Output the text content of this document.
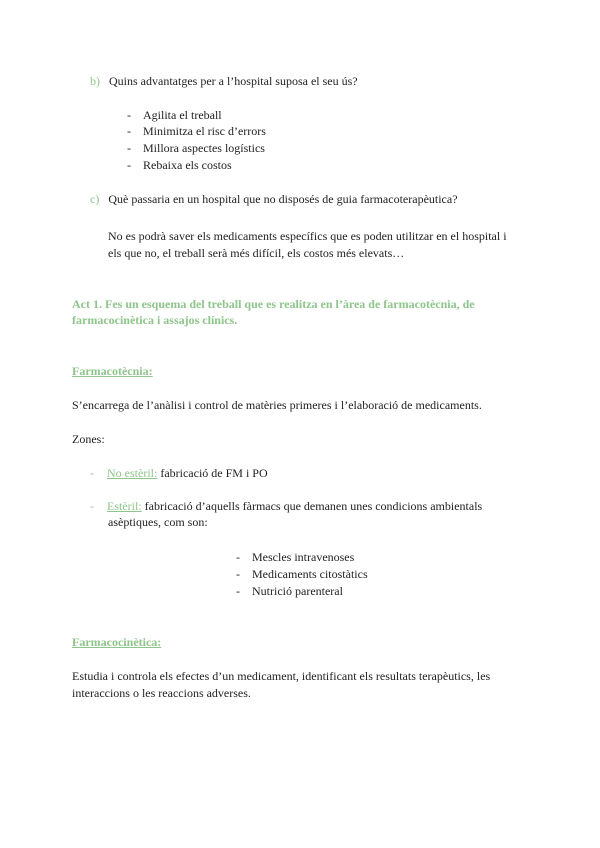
b) Quins advantatges per a l’hospital suposa el seu ús?
- Agilita el treball
- Minimitza el risc d’errors
- Millora aspectes logístics
- Rebaixa els costos
c) Què passaria en un hospital que no disposés de guia farmacoterapèutica?
No es podrà saver els medicaments específics que es poden utilitzar en el hospital i
els que no, el treball serà més difícil, els costos més elevats…
Act 1. Fes un esquema del treball que es realitza en l’àrea de farmacotècnia, de
farmacocinètica i assajos clínics.
Farmacotècnia:
S’encarrega de l’anàlisi i control de matèries primeres i l’elaboració de medicaments.
Zones:
- No estèril: fabricació de FM i PO
- Estèril: fabricació d’aquells fàrmacs que demanen unes condicions ambientals
asèptiques, com son:
- Mescles intravenoses
- Medicaments citostàtics
- Nutrició parenteral
Farmacocinètica:
Estudia i controla els efectes d’un medicament, identificant els resultats terapèutics, les
interaccions o les reaccions adverses.
